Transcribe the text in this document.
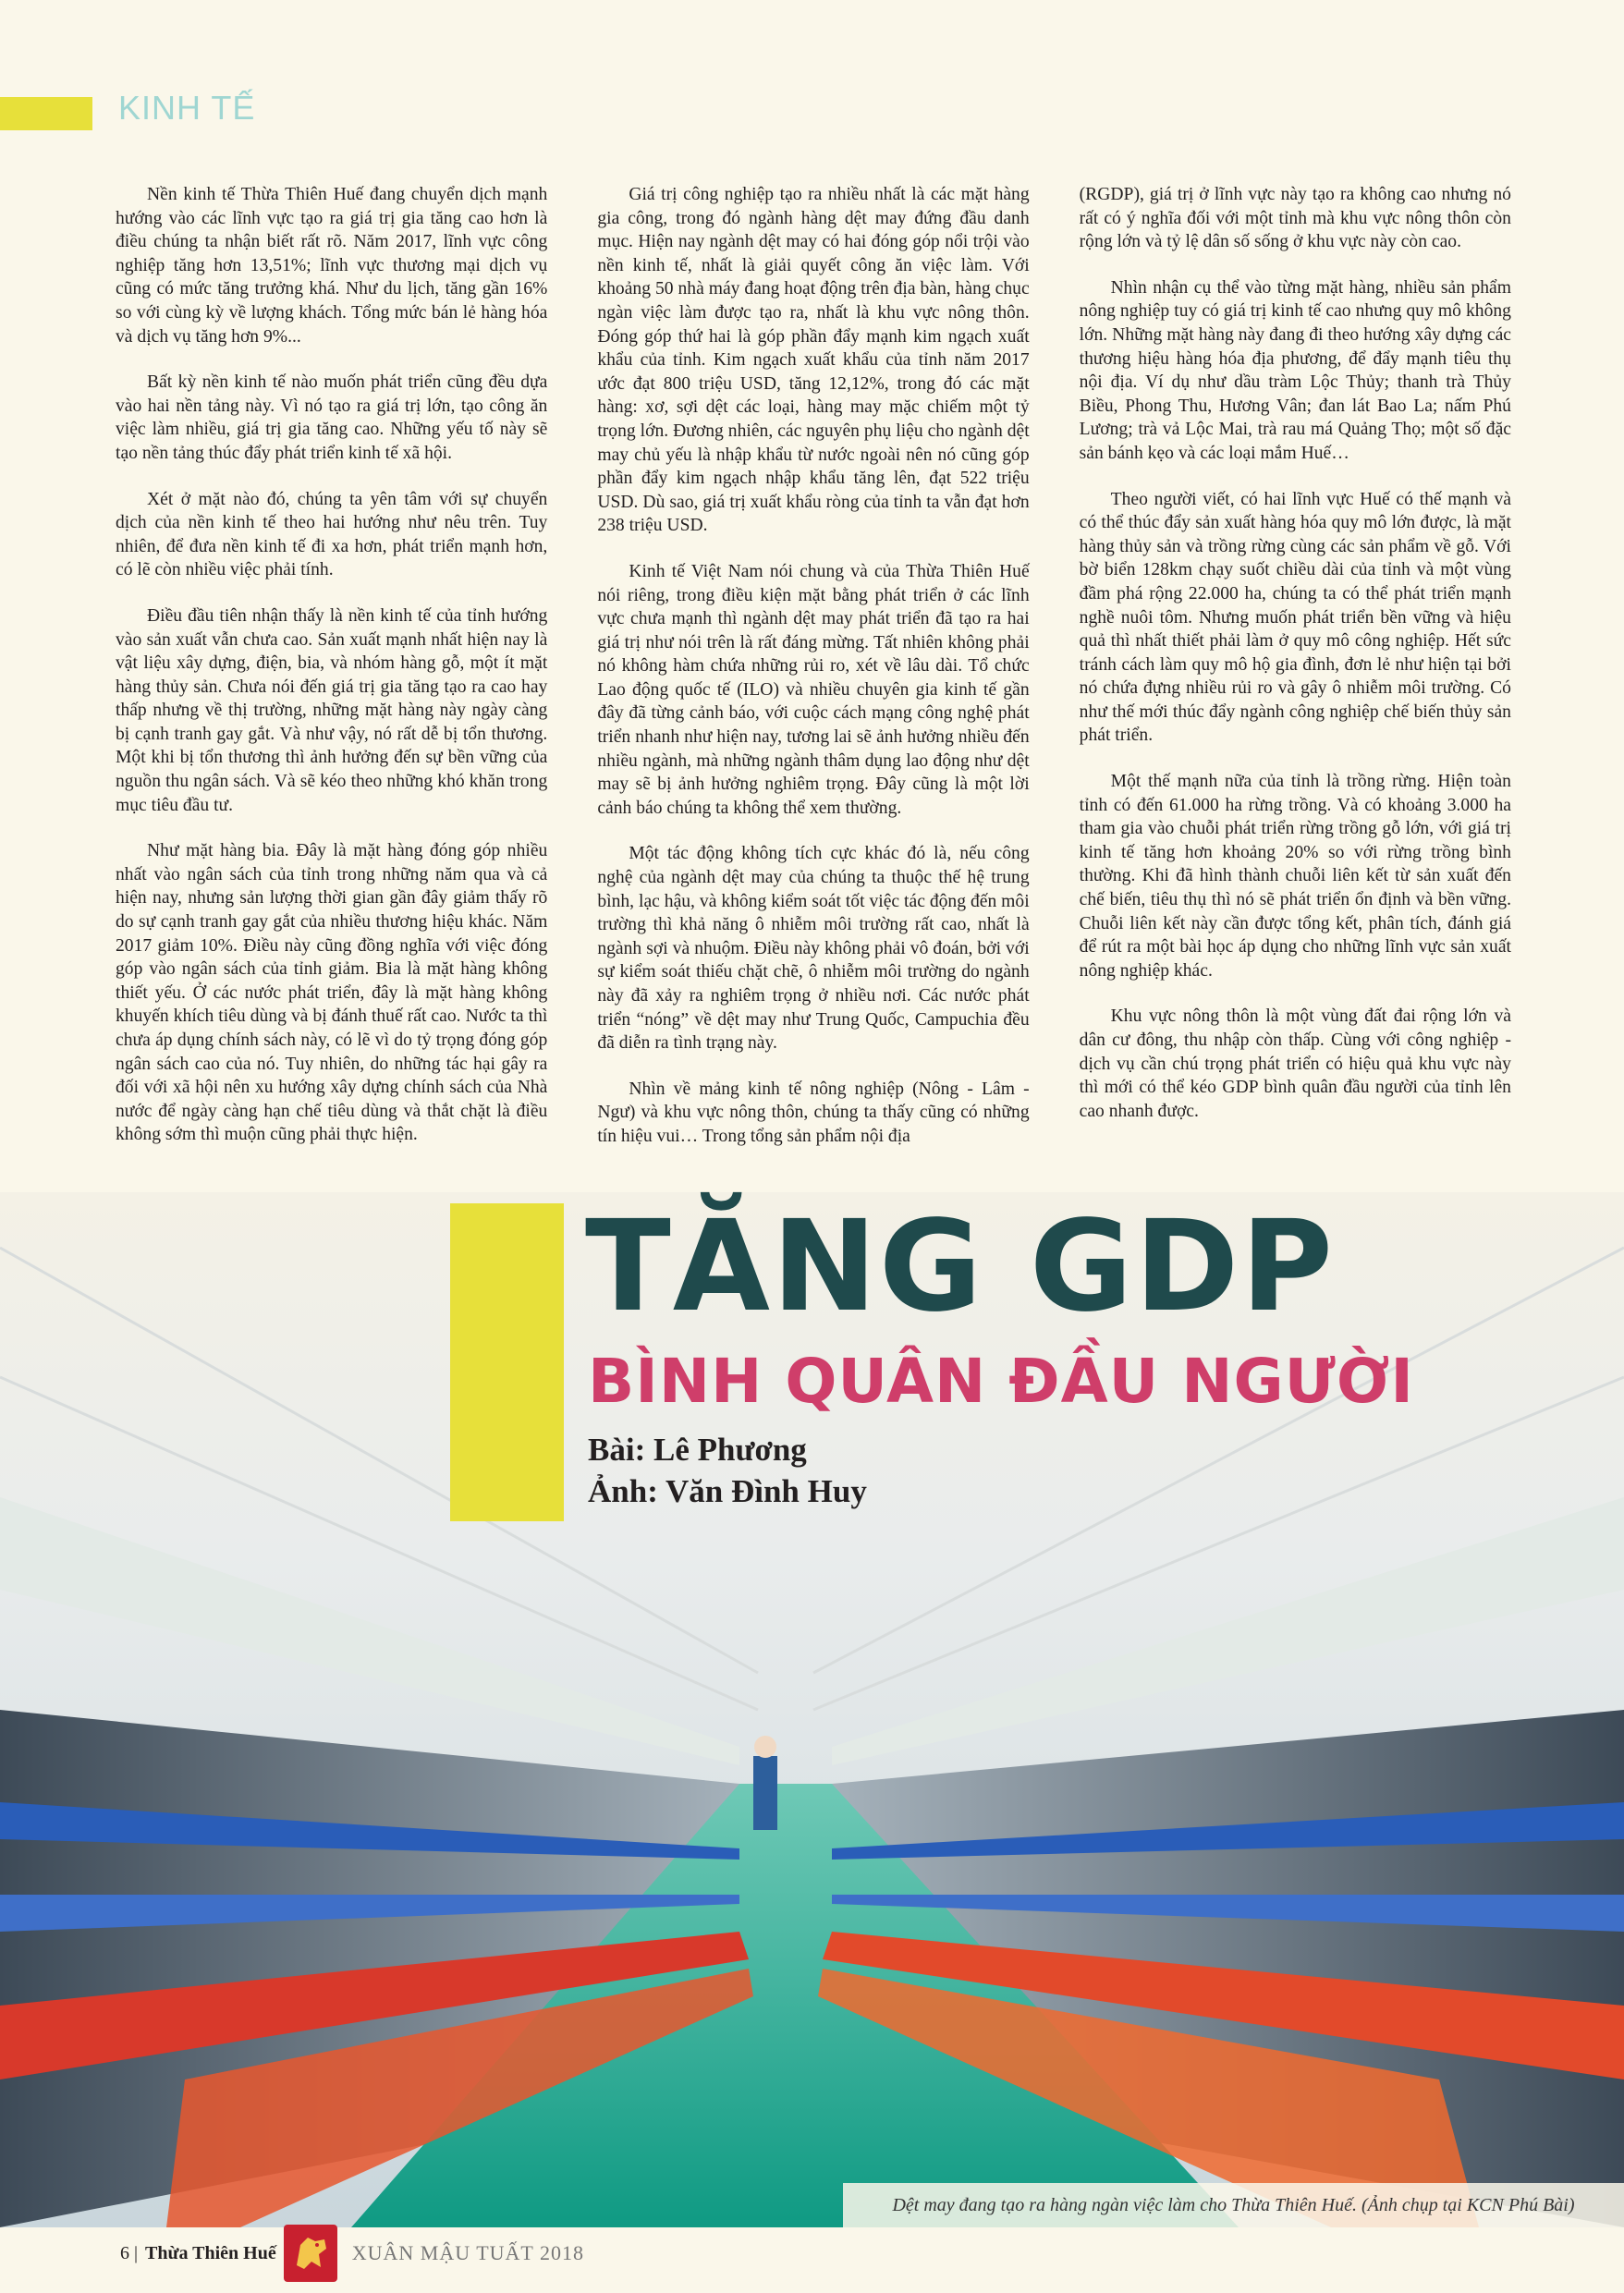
KINH TẾ

Nền kinh tế Thừa Thiên Huế đang chuyển dịch mạnh hướng vào các lĩnh vực tạo ra giá trị gia tăng cao hơn là điều chúng ta nhận biết rất rõ. Năm 2017, lĩnh vực công nghiệp tăng hơn 13,51%; lĩnh vực thương mại dịch vụ cũng có mức tăng trưởng khá. Như du lịch, tăng gần 16% so với cùng kỳ về lượng khách. Tổng mức bán lẻ hàng hóa và dịch vụ tăng hơn 9%...

Bất kỳ nền kinh tế nào muốn phát triển cũng đều dựa vào hai nền tảng này. Vì nó tạo ra giá trị lớn, tạo công ăn việc làm nhiều, giá trị gia tăng cao. Những yếu tố này sẽ tạo nền tảng thúc đẩy phát triển kinh tế xã hội.

Xét ở mặt nào đó, chúng ta yên tâm với sự chuyển dịch của nền kinh tế theo hai hướng như nêu trên. Tuy nhiên, để đưa nền kinh tế đi xa hơn, phát triển mạnh hơn, có lẽ còn nhiều việc phải tính.

Điều đầu tiên nhận thấy là nền kinh tế của tỉnh hướng vào sản xuất vẫn chưa cao. Sản xuất mạnh nhất hiện nay là vật liệu xây dựng, điện, bia, và nhóm hàng gỗ, một ít mặt hàng thủy sản. Chưa nói đến giá trị gia tăng tạo ra cao hay thấp nhưng về thị trường, những mặt hàng này ngày càng bị cạnh tranh gay gắt. Và như vậy, nó rất dễ bị tổn thương. Một khi bị tổn thương thì ảnh hưởng đến sự bền vững của nguồn thu ngân sách. Và sẽ kéo theo những khó khăn trong mục tiêu đầu tư.

Như mặt hàng bia. Đây là mặt hàng đóng góp nhiều nhất vào ngân sách của tỉnh trong những năm qua và cả hiện nay, nhưng sản lượng thời gian gần đây giảm thấy rõ do sự cạnh tranh gay gắt của nhiều thương hiệu khác. Năm 2017 giảm 10%. Điều này cũng đồng nghĩa với việc đóng góp vào ngân sách của tỉnh giảm. Bia là mặt hàng không thiết yếu. Ở các nước phát triển, đây là mặt hàng không khuyến khích tiêu dùng và bị đánh thuế rất cao. Nước ta thì chưa áp dụng chính sách này, có lẽ vì do tỷ trọng đóng góp ngân sách cao của nó. Tuy nhiên, do những tác hại gây ra đối với xã hội nên xu hướng xây dựng chính sách của Nhà nước để ngày càng hạn chế tiêu dùng và thắt chặt là điều không sớm thì muộn cũng phải thực hiện.

Giá trị công nghiệp tạo ra nhiều nhất là các mặt hàng gia công, trong đó ngành hàng dệt may đứng đầu danh mục. Hiện nay ngành dệt may có hai đóng góp nổi trội vào nền kinh tế, nhất là giải quyết công ăn việc làm. Với khoảng 50 nhà máy đang hoạt động trên địa bàn, hàng chục ngàn việc làm được tạo ra, nhất là khu vực nông thôn. Đóng góp thứ hai là góp phần đẩy mạnh kim ngạch xuất khẩu của tỉnh. Kim ngạch xuất khẩu của tỉnh năm 2017 ước đạt 800 triệu USD, tăng 12,12%, trong đó các mặt hàng: xơ, sợi dệt các loại, hàng may mặc chiếm một tỷ trọng lớn. Đương nhiên, các nguyên phụ liệu cho ngành dệt may chủ yếu là nhập khẩu từ nước ngoài nên nó cũng góp phần đẩy kim ngạch nhập khẩu tăng lên, đạt 522 triệu USD. Dù sao, giá trị xuất khẩu ròng của tỉnh ta vẫn đạt hơn 238 triệu USD.

Kinh tế Việt Nam nói chung và của Thừa Thiên Huế nói riêng, trong điều kiện mặt bằng phát triển ở các lĩnh vực chưa mạnh thì ngành dệt may phát triển đã tạo ra hai giá trị như nói trên là rất đáng mừng. Tất nhiên không phải nó không hàm chứa những rủi ro, xét về lâu dài. Tổ chức Lao động quốc tế (ILO) và nhiều chuyên gia kinh tế gần đây đã từng cảnh báo, với cuộc cách mạng công nghệ phát triển nhanh như hiện nay, tương lai sẽ ảnh hưởng nhiều đến nhiều ngành, mà những ngành thâm dụng lao động như dệt may sẽ bị ảnh hưởng nghiêm trọng. Đây cũng là một lời cảnh báo chúng ta không thể xem thường.

Một tác động không tích cực khác đó là, nếu công nghệ của ngành dệt may của chúng ta thuộc thế hệ trung bình, lạc hậu, và không kiểm soát tốt việc tác động đến môi trường thì khả năng ô nhiễm môi trường rất cao, nhất là ngành sợi và nhuộm. Điều này không phải vô đoán, bởi với sự kiểm soát thiếu chặt chẽ, ô nhiễm môi trường do ngành này đã xảy ra nghiêm trọng ở nhiều nơi. Các nước phát triển “nóng” về dệt may như Trung Quốc, Campuchia đều đã diễn ra tình trạng này.

Nhìn về mảng kinh tế nông nghiệp (Nông - Lâm - Ngư) và khu vực nông thôn, chúng ta thấy cũng có những tín hiệu vui… Trong tổng sản phẩm nội địa

(RGDP), giá trị ở lĩnh vực này tạo ra không cao nhưng nó rất có ý nghĩa đối với một tỉnh mà khu vực nông thôn còn rộng lớn và tỷ lệ dân số sống ở khu vực này còn cao.

Nhìn nhận cụ thể vào từng mặt hàng, nhiều sản phẩm nông nghiệp tuy có giá trị kinh tế cao nhưng quy mô không lớn. Những mặt hàng này đang đi theo hướng xây dựng các thương hiệu hàng hóa địa phương, để đẩy mạnh tiêu thụ nội địa. Ví dụ như dầu tràm Lộc Thủy; thanh trà Thủy Biều, Phong Thu, Hương Vân; đan lát Bao La; nấm Phú Lương; trà vả Lộc Mai, trà rau má Quảng Thọ; một số đặc sản bánh kẹo và các loại mắm Huế…

Theo người viết, có hai lĩnh vực Huế có thế mạnh và có thể thúc đẩy sản xuất hàng hóa quy mô lớn được, là mặt hàng thủy sản và trồng rừng cùng các sản phẩm về gỗ. Với bờ biển 128km chạy suốt chiều dài của tỉnh và một vùng đầm phá rộng 22.000 ha, chúng ta có thể phát triển mạnh nghề nuôi tôm. Nhưng muốn phát triển bền vững và hiệu quả thì nhất thiết phải làm ở quy mô công nghiệp. Hết sức tránh cách làm quy mô hộ gia đình, đơn lẻ như hiện tại bởi nó chứa đựng nhiều rủi ro và gây ô nhiễm môi trường. Có như thế mới thúc đẩy ngành công nghiệp chế biến thủy sản phát triển.

Một thế mạnh nữa của tỉnh là trồng rừng. Hiện toàn tỉnh có đến 61.000 ha rừng trồng. Và có khoảng 3.000 ha tham gia vào chuỗi phát triển rừng trồng gỗ lớn, với giá trị kinh tế tăng hơn khoảng 20% so với rừng trồng bình thường. Khi đã hình thành chuỗi liên kết từ sản xuất đến chế biến, tiêu thụ thì nó sẽ phát triển ổn định và bền vững. Chuỗi liên kết này cần được tổng kết, phân tích, đánh giá để rút ra một bài học áp dụng cho những lĩnh vực sản xuất nông nghiệp khác.

Khu vực nông thôn là một vùng đất đai rộng lớn và dân cư đông, thu nhập còn thấp. Cùng với công nghiệp - dịch vụ cần chú trọng phát triển có hiệu quả khu vực này thì mới có thể kéo GDP bình quân đầu người của tỉnh lên cao nhanh được.

TĂNG GDP
BÌNH QUÂN ĐẦU NGƯỜI
Bài: Lê Phương
Ảnh: Văn Đình Huy
Dệt may đang tạo ra hàng ngàn việc làm cho Thừa Thiên Huế. (Ảnh chụp tại KCN Phú Bài)
6 | Thừa Thiên Huế	XUÂN MẬU TUẤT 2018
